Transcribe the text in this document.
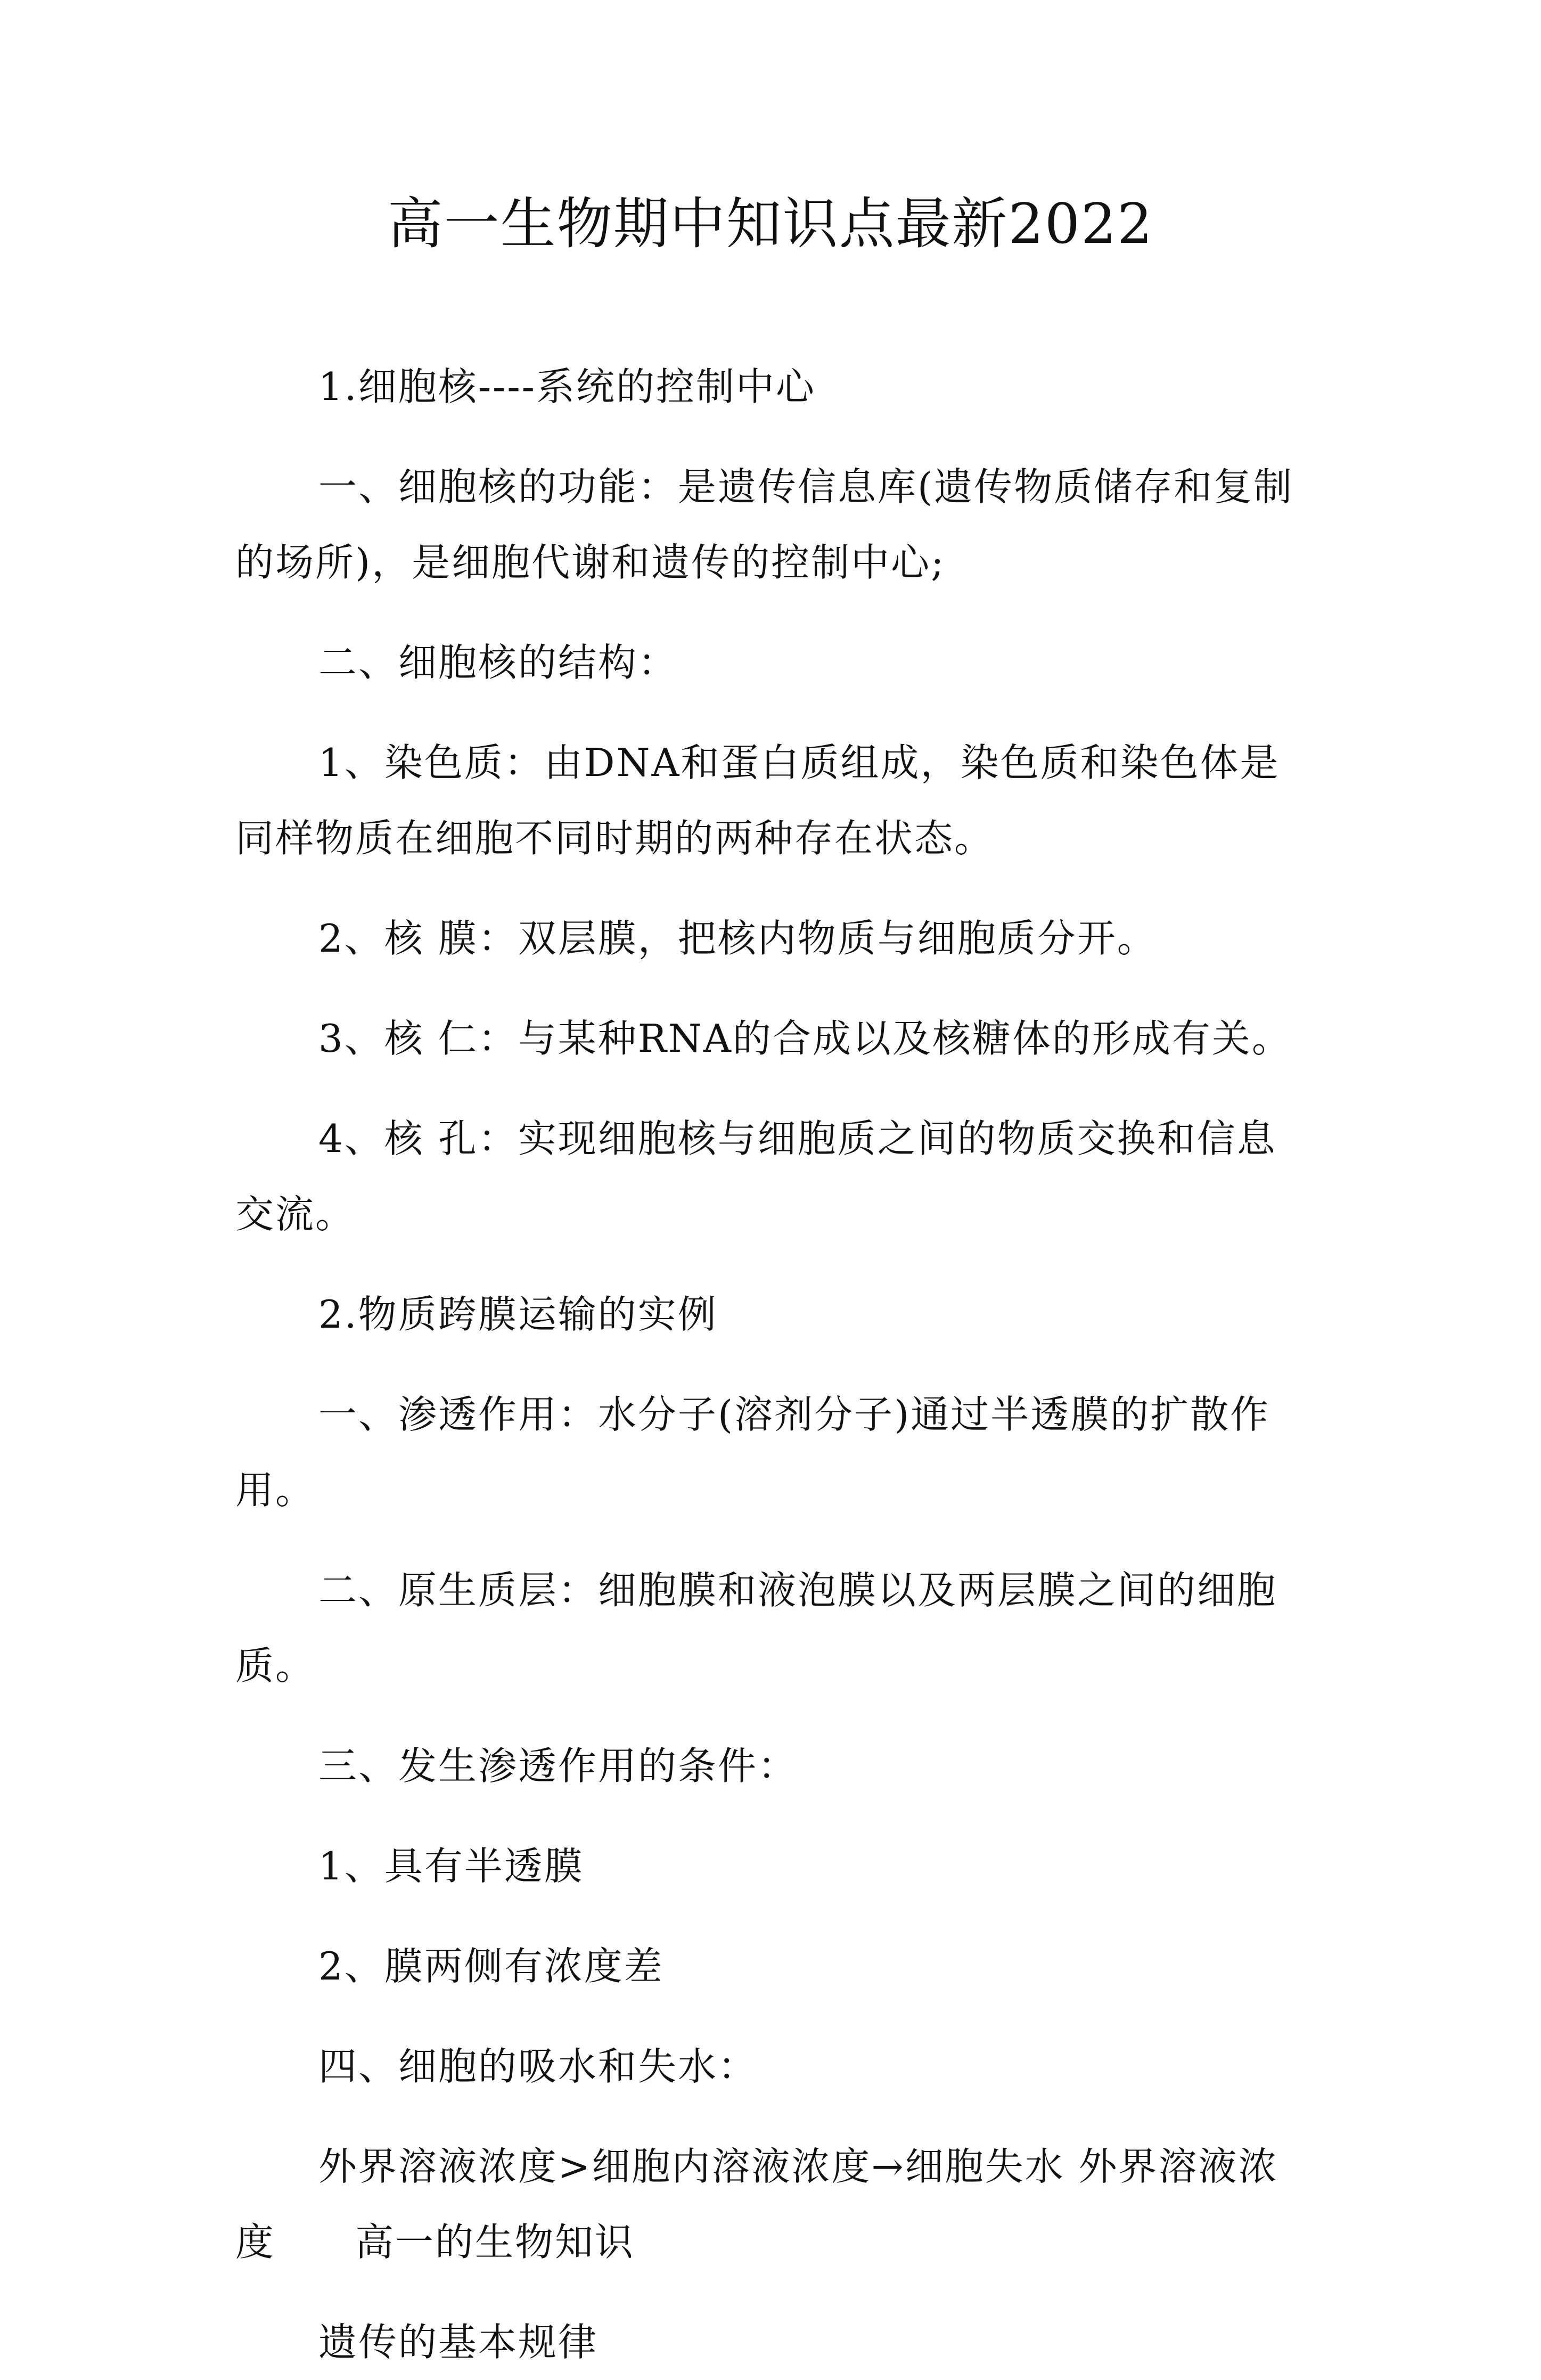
高一生物期中知识点最新2022

1.细胞核----系统的控制中心

一、细胞核的功能：是遗传信息库(遗传物质储存和复制的场所)，是细胞代谢和遗传的控制中心;

二、细胞核的结构：

1、染色质：由DNA和蛋白质组成，染色质和染色体是同样物质在细胞不同时期的两种存在状态。

2、核 膜：双层膜，把核内物质与细胞质分开。

3、核 仁：与某种RNA的合成以及核糖体的形成有关。

4、核 孔：实现细胞核与细胞质之间的物质交换和信息交流。

2.物质跨膜运输的实例

一、渗透作用：水分子(溶剂分子)通过半透膜的扩散作用。

二、原生质层：细胞膜和液泡膜以及两层膜之间的细胞质。

三、发生渗透作用的条件：

1、具有半透膜

2、膜两侧有浓度差

四、细胞的吸水和失水：

外界溶液浓度>细胞内溶液浓度→细胞失水 外界溶液浓度　　高一的生物知识

遗传的基本规律
